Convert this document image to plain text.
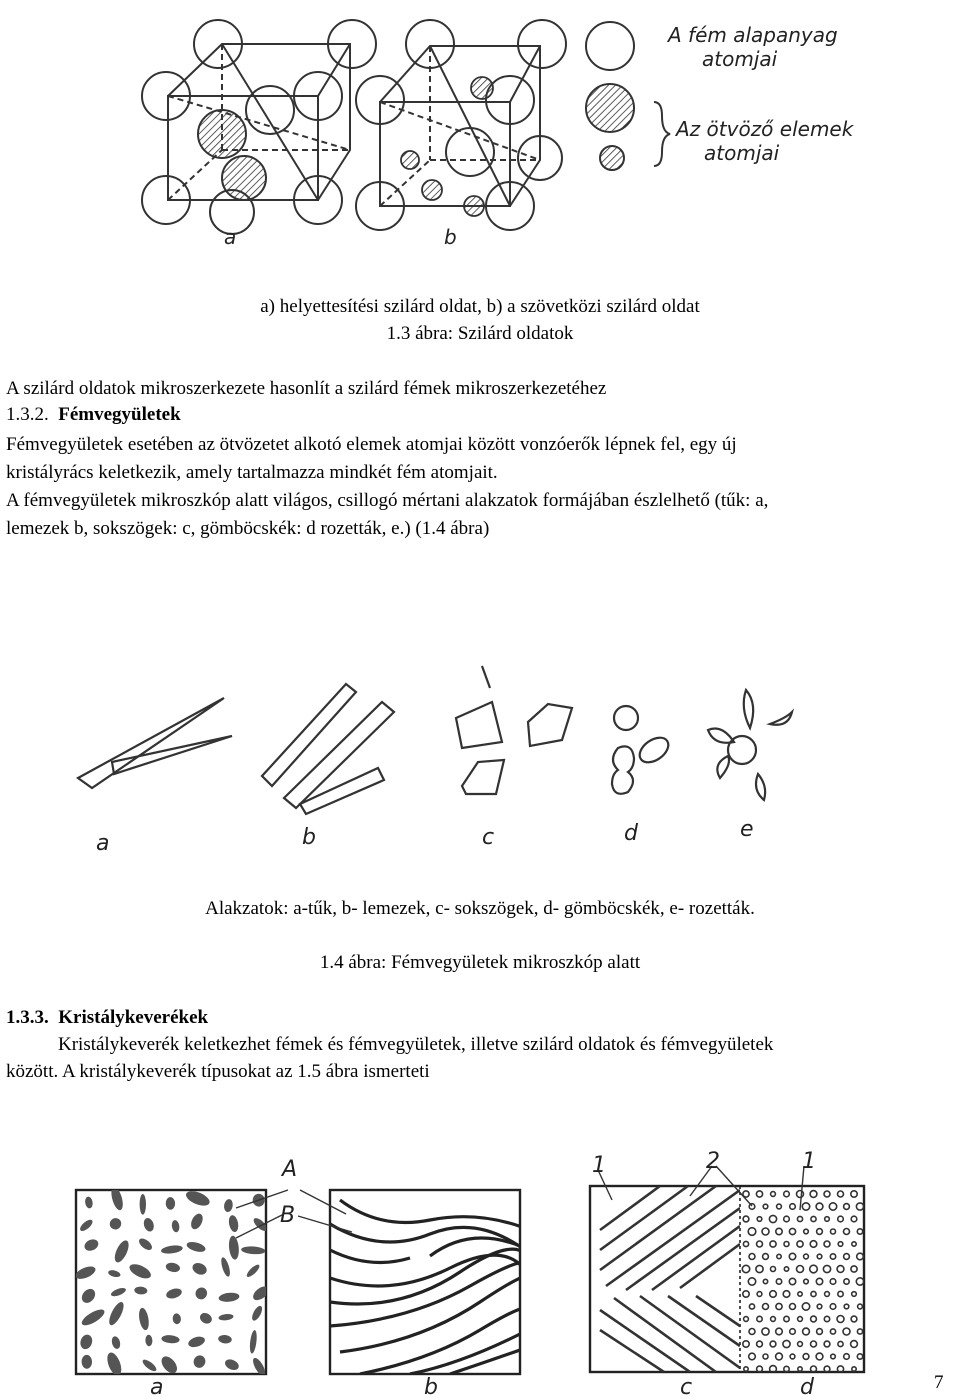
A fém alapanyag
atomjai
Az ötvöző elemek
atomjai
a	b
a) helyettesítési szilárd oldat, b) a szövetközi szilárd oldat
1.3 ábra: Szilárd oldatok
A szilárd oldatok mikroszerkezete hasonlít a szilárd fémek mikroszerkezetéhez
1.3.2. Fémvegyületek
Fémvegyületek esetében az ötvözetet alkotó elemek atomjai között vonzóerők lépnek fel, egy új
kristályrács keletkezik, amely tartalmazza mindkét fém atomjait.
A fémvegyületek mikroszkóp alatt világos, csillogó mértani alakzatok formájában észlelhető (tűk: a,
lemezek b, sokszögek: c, gömböcskék: d rozetták, e.) (1.4 ábra)
a	b	c	d	e
Alakzatok: a-tűk, b- lemezek, c- sokszögek, d- gömböcskék, e- rozetták.
1.4 ábra: Fémvegyületek mikroszkóp alatt
1.3.3. Kristálykeverékek
Kristálykeverék keletkezhet fémek és fémvegyületek, illetve szilárd oldatok és fémvegyületek
között. A kristálykeverék típusokat az 1.5 ábra ismerteti
A
B
1	2	1
a	b	c	d	7
